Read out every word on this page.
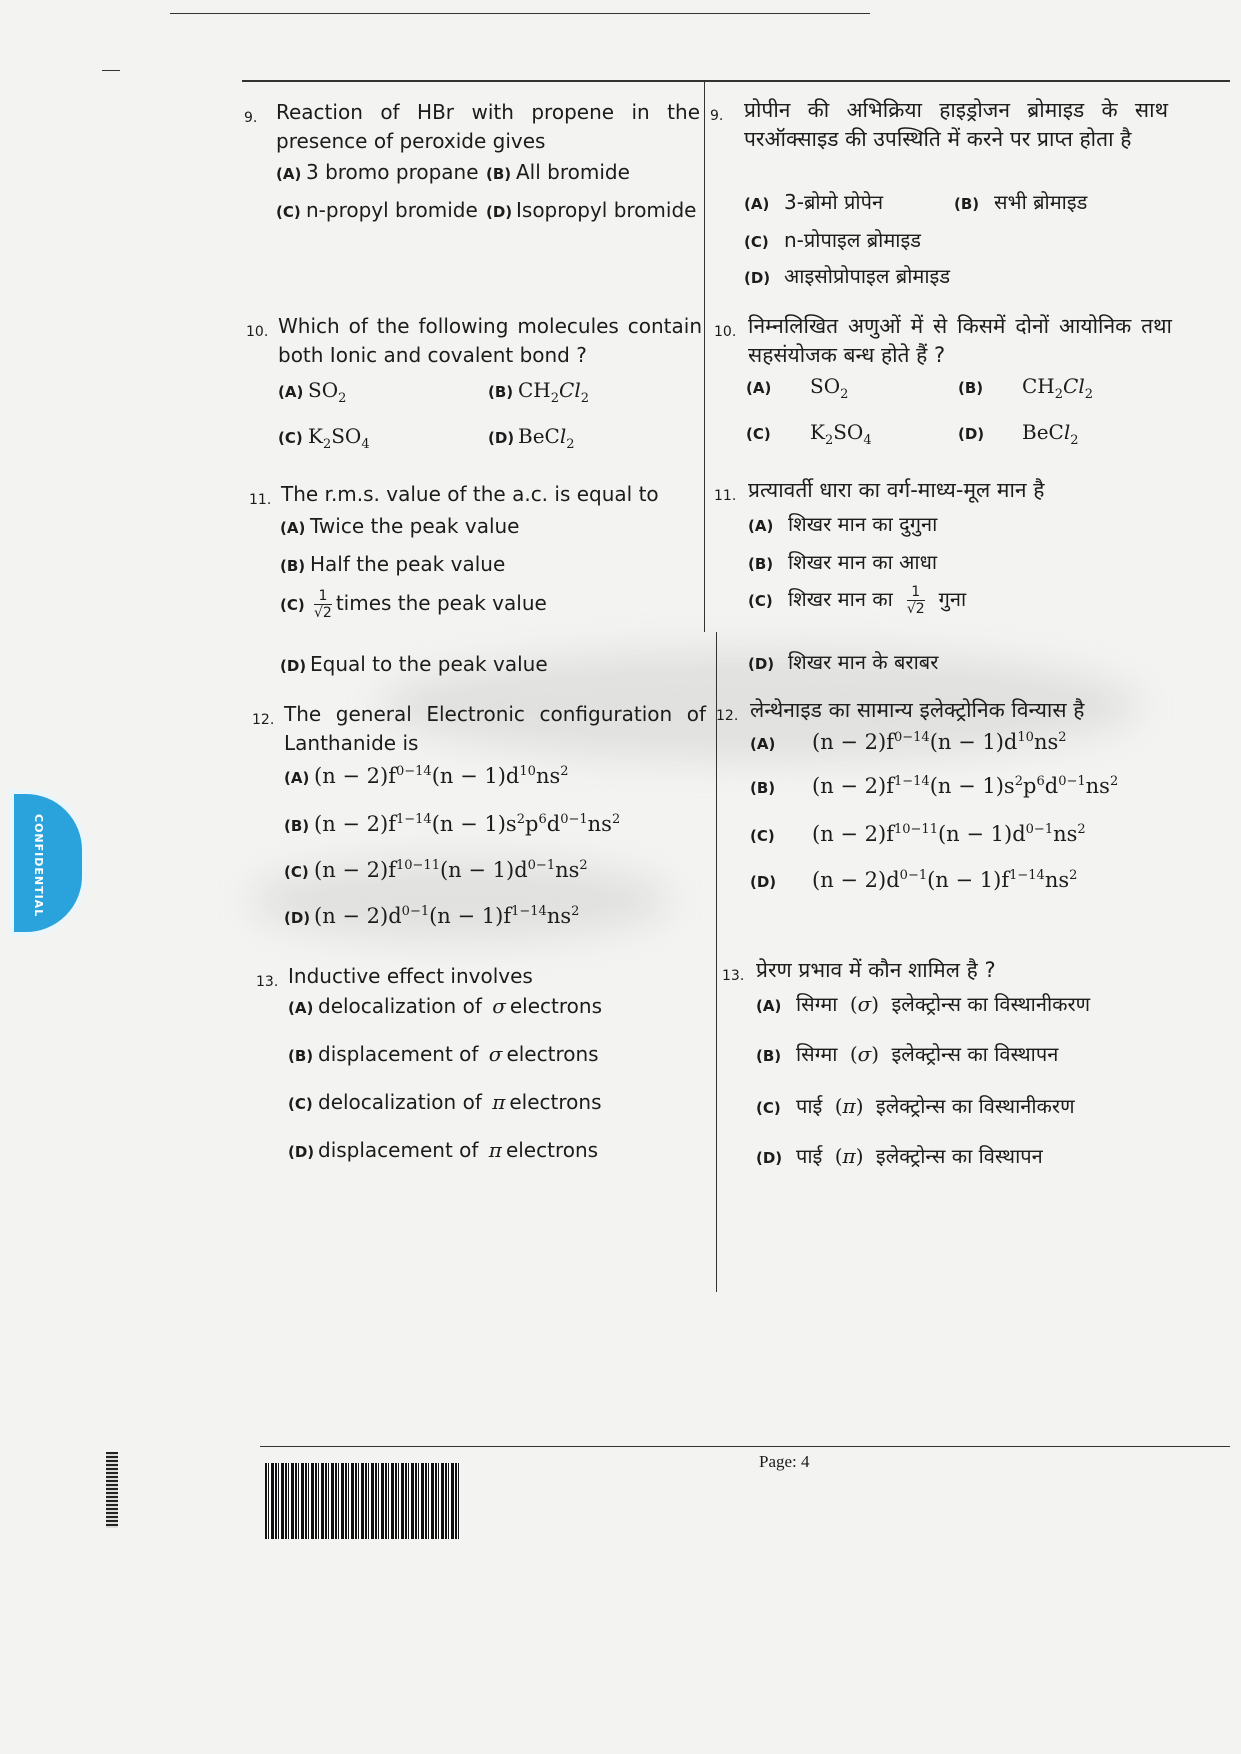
CONFIDENTIAL
9. Reaction of HBr with propene in the presence of peroxide gives
(A) 3 bromo propane (B) All bromide
(C) n-propyl bromide (D) Isopropyl bromide
10. Which of the following molecules contain both Ionic and covalent bond ?
(A) $SO_2$	(B) $CH_2Cl_2$
(C) $K_2SO_4$	(D) BeCl$_2$
11. The r.m.s. value of the a.c. is equal to
(A) Twice the peak value
(B) Half the peak value
$(C) \frac{1}{√2}$ times the peak value
(D) Equal to the peak value
12. The general Electronic configuration of Lanthanide is
(A) $(n - 2)f^{0-14}(n - 1)d^{10}ns^2$
(B) $(n - 2)f^{1-14}(n - 1)s^2p^6d^{0-1}ns^2$
(C) $(n - 2)f^{10-11}(n - 1)d^{0-1}ns^2$
(D) $(n - 2)d^{0-1}(n - 1)f^{1-14}ns^2$
13. Inductive effect involves
(A) delocalization of σ electrons
(B) displacement of σ electrons
(C) delocalization of π electrons
(D) displacement of π electrons
9. प्रोपीन की अभिक्रिया हाइड्रोजन ब्रोमाइड के साथ परऑक्साइड की उपस्थिति में करने पर प्राप्त होता है
(A) 3-ब्रोमो प्रोपेन	(B) सभी ब्रोमाइड
(C) n-प्रोपाइल ब्रोमाइड
(D) आइसोप्रोपाइल ब्रोमाइड
10. निम्नलिखित अणुओं में से किसमें दोनों आयोनिक तथा सहसंयोजक बन्ध होते हैं ?
(A) $SO_2$	(B) $CH_2Cl_2$
(C) $K_2SO_4$	(D) BeCl$_2$
11. प्रत्यावर्ती धारा का वर्ग-माध्य-मूल मान है
(A) शिखर मान का दुगुना
(B) शिखर मान का आधा
(C) शिखर मान का $\frac{1}{√2}$ गुना
(D) शिखर मान के बराबर
12. लेन्थेनाइड का सामान्य इलेक्ट्रोनिक विन्यास है
(A) $(n - 2)f^{0-14}(n - 1)d^{10}ns^2$
(B) $(n - 2)f^{1-14}(n - 1)s^2p^6d^{0-1}ns^2$
(C) $(n - 2)f^{10-11}(n - 1)d^{0-1}ns^2$
(D) $(n - 2)d^{0-1}(n - 1)f^{1-14}ns^2$
13. प्रेरण प्रभाव में कौन शामिल है ?
(A) सिग्मा (σ) इलेक्ट्रोन्स का विस्थानीकरण
(B) सिग्मा (σ) इलेक्ट्रोन्स का विस्थापन
(C) पाई (π) इलेक्ट्रोन्स का विस्थानीकरण
(D) पाई (π) इलेक्ट्रोन्स का विस्थापन
Page: 4
